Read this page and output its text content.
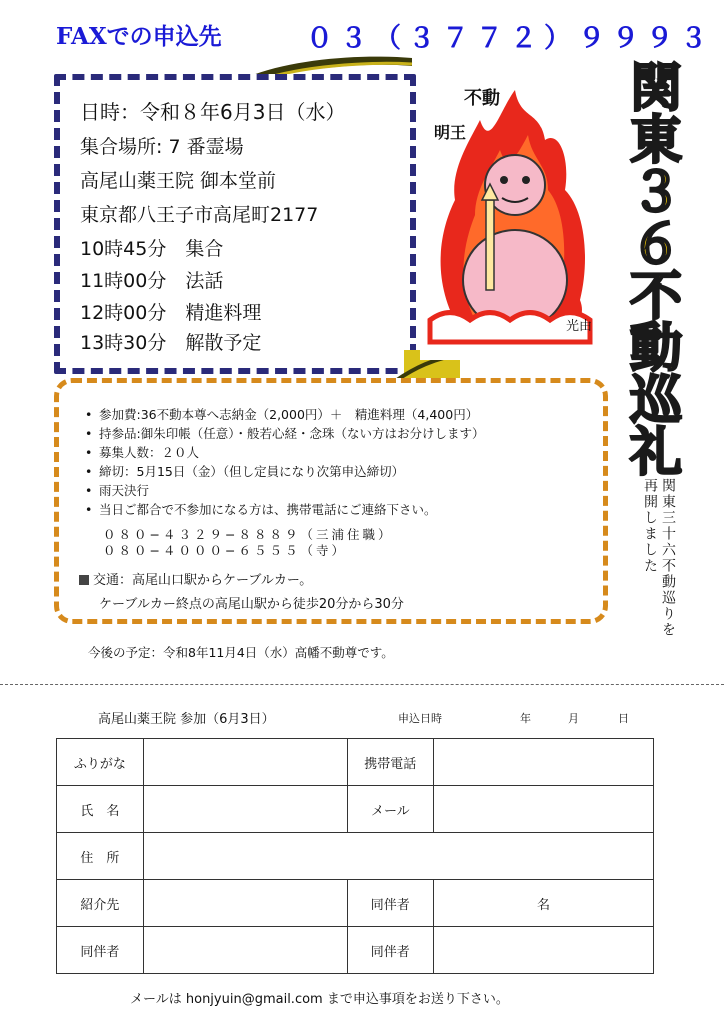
FAXでの申込先	０３（３７７２）９９９３
日時：令和８年6月3日（水）
集合場所: 7 番霊場
高尾山薬王院 御本堂前
東京都八王子市高尾町2177
10時45分　集合
11時00分　法話
12時00分　精進料理
13時30分　解散予定
不動
明王
光由
関
東
３
６
不
動
巡
礼
関東三十六不動巡りを
再開しました
• 参加費:36不動本尊へ志納金（2,000円）＋　精進料理（4,400円）
• 持参品:御朱印帳（任意）・般若心経・念珠（ない方はお分けします）
• 募集人数：２０人
• 締切：5月15日（金）（但し定員になり次第申込締切）
• 雨天決行
• 当日ご都合で不参加になる方は、携帯電話にご連絡下さい。
０８０−４３２９−８８８９（三浦住職）
０８０−４０００−６５５５（寺）
交通：高尾山口駅からケーブルカー。
ケーブルカー終点の高尾山駅から徒歩20分から30分
今後の予定：令和8年11月4日（水）高幡不動尊です。
高尾山薬王院 参加（6月3日）	申込日時	年	月	日
ふりがな		携帯電話	
氏　名		メール	
住　所			
紹介先		同伴者	名
同伴者		同伴者	
メールは honjyuin@gmail.com まで申込事項をお送り下さい。
